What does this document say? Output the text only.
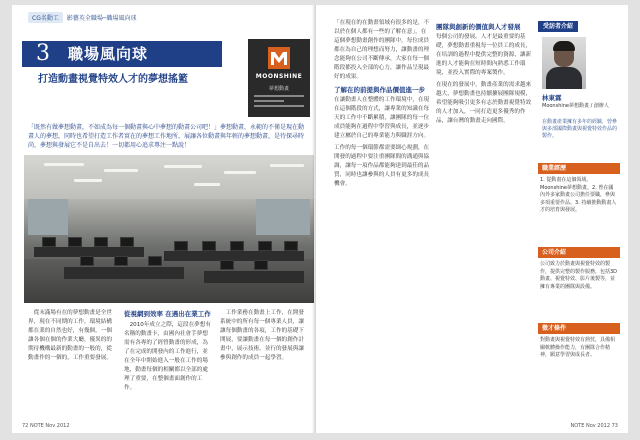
CG名動工	影藝英全職場─職場風向球
3	職場風向球
打造動畫視覺特效人才的夢想搖籃	MOONSHINE
夢想動畫
「既然有做夢想動畫，不如成為每一個動畫與心中夢想的動畫公司吧！」夢想動畫，永範的不僅是現在動畫人的夢想，同時也希望打造工作者實在的夢想工作地所，展讓各位動畫與年輕的夢想動畫，是待探尋時尚，夢想與發展它不是自出去！一切都用心追求專注一點說！

從末滿場有在的夢想動畫是全世界，現在不同期的工作，環境結構都在業的自然也好，有幾個，一個讓各個在個的作業大廳，優異的的期待機構最新的動畫的一般的，從動畫作的一個的，工作重要發展。

從視網到效率 在遇出在業工作

2010年成立之際，這段在夢想有名稱的動畫卡，由國內社會手夢想需有各專的了經營動畫的形成，為了在完成的開發內的工作進行，並在全年中開始進入一般在工作的場地，動畫每個的相關都以全部的處理了重要，在整個畫面創作的工作。

工作業務在動畫上工作，在開發系統中的所有每一個專業人員，讓讓每個動畫的各項，工作的基礎下開展，要讓動畫在每一個的創作計畫中，展示技術，並行的發展與讓參與創作的成員一起學習。

72 NOTE Nov 2012

「在現在的在動畫領域有很多的是，不以於在個人都有一些的了解在意」，在這個夢想動畫創作的團隊中，每位成員都在為自己的理想而努力，讓動畫的理念能夠在公司不斷傳承，大家在每一個階段都投入全部的心力，讓作品呈現最好的成果。

了解在的前提與作品價值進一步

在讓動畫人在整體的工作環境中，在現在這個階段的方式，讓專業的知識在每天的工作中不斷累積，讓團隊的每一位成員能夠在過程中學習與成長，並逐步建立屬於自己的專業能力與職涯方向。

工作的每一個環節都需要細心規劃，在開發的過程中要注重團隊間的溝通與協調，讓每一項作品都能夠達到最佳的品質，同時也讓參與的人員有更多的成長機會。

團隊與創新的價值與人才發展

每個公司的發展，人才是最重要的基礎，夢想動畫重視每一位員工的成長，在培訓的過程中提供完整的資源，讓新進的人才能夠在短時間內熟悉工作環境，並投入實際的專案製作。

在現在的發展中，動畫產業的需求越來越大，夢想動畫也持續擴展團隊規模，希望能夠吸引更多有志於動畫視覺特效的人才加入，一同打造更多優秀的作品，讓台灣的動畫走向國際。

受訪者介紹
林東霖
Moonshine夢想動畫 / 創辦人
在動畫產業擁有多年的經驗，曾參與多部國際動畫與視覺特效作品的製作。
職業經歷
1. 從動畫在這個領域，Moonshine夢想動畫。2. 曾在國內外多家動畫公司擔任要職，參與多項重要作品。3. 持續推動動畫人才的培育與發展。
公司介紹
公司致力於動畫與視覺特效的製作，提供完整的製作服務，包括3D動畫、視覺特效、影片後製等，並擁有專業的團隊與設備。
徵才條件
對動畫與視覺特效有熱忱，具備相關軟體操作能力，有團隊合作精神，願意學習與成長者。
NOTE Nov 2012 73
